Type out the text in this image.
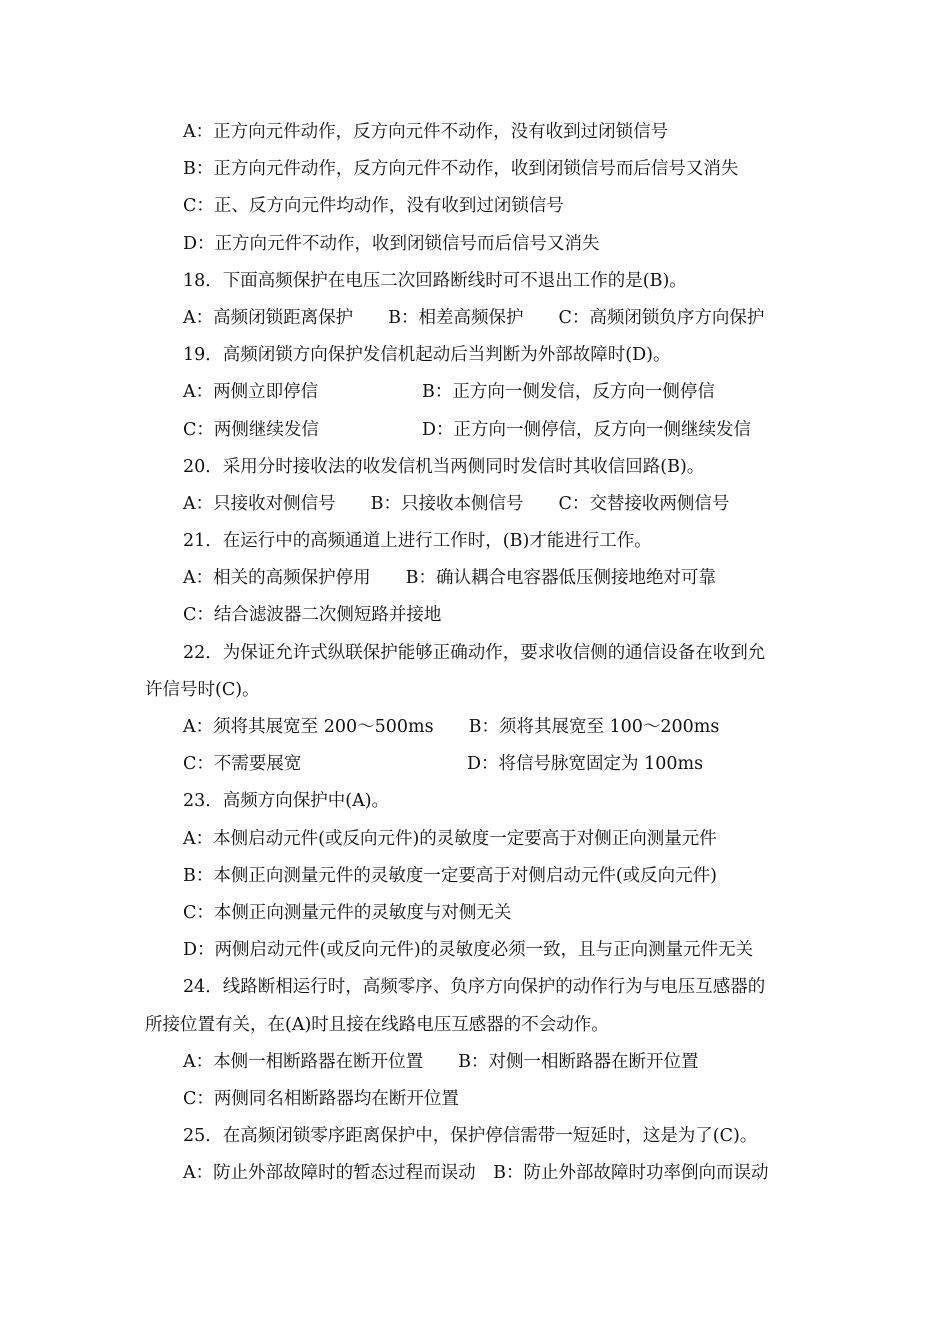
A：正方向元件动作，反方向元件不动作，没有收到过闭锁信号
B：正方向元件动作，反方向元件不动作，收到闭锁信号而后信号又消失
C：正、反方向元件均动作，没有收到过闭锁信号
D：正方向元件不动作，收到闭锁信号而后信号又消失
18．下面高频保护在电压二次回路断线时可不退出工作的是(B)。
A：高频闭锁距离保护　　B：相差高频保护　　C：高频闭锁负序方向保护
19．高频闭锁方向保护发信机起动后当判断为外部故障时(D)。
A：两侧立即停信	B：正方向一侧发信，反方向一侧停信
C：两侧继续发信	D：正方向一侧停信，反方向一侧继续发信
20．采用分时接收法的收发信机当两侧同时发信时其收信回路(B)。
A：只接收对侧信号　　B：只接收本侧信号　　C：交替接收两侧信号
21．在运行中的高频通道上进行工作时，(B)才能进行工作。
A：相关的高频保护停用　　B：确认耦合电容器低压侧接地绝对可靠
C：结合滤波器二次侧短路并接地
22．为保证允许式纵联保护能够正确动作，要求收信侧的通信设备在收到允
许信号时(C)。
A：须将其展宽至 200～500ms　　B：须将其展宽至 100～200ms
C：不需要展宽	D：将信号脉宽固定为 100ms
23．高频方向保护中(A)。
A：本侧启动元件(或反向元件)的灵敏度一定要高于对侧正向测量元件
B：本侧正向测量元件的灵敏度一定要高于对侧启动元件(或反向元件)
C：本侧正向测量元件的灵敏度与对侧无关
D：两侧启动元件(或反向元件)的灵敏度必须一致，且与正向测量元件无关
24．线路断相运行时，高频零序、负序方向保护的动作行为与电压互感器的
所接位置有关，在(A)时且接在线路电压互感器的不会动作。
A：本侧一相断路器在断开位置　　B：对侧一相断路器在断开位置
C：两侧同名相断路器均在断开位置
25．在高频闭锁零序距离保护中，保护停信需带一短延时，这是为了(C)。
A：防止外部故障时的暂态过程而误动　B：防止外部故障时功率倒向而误动
